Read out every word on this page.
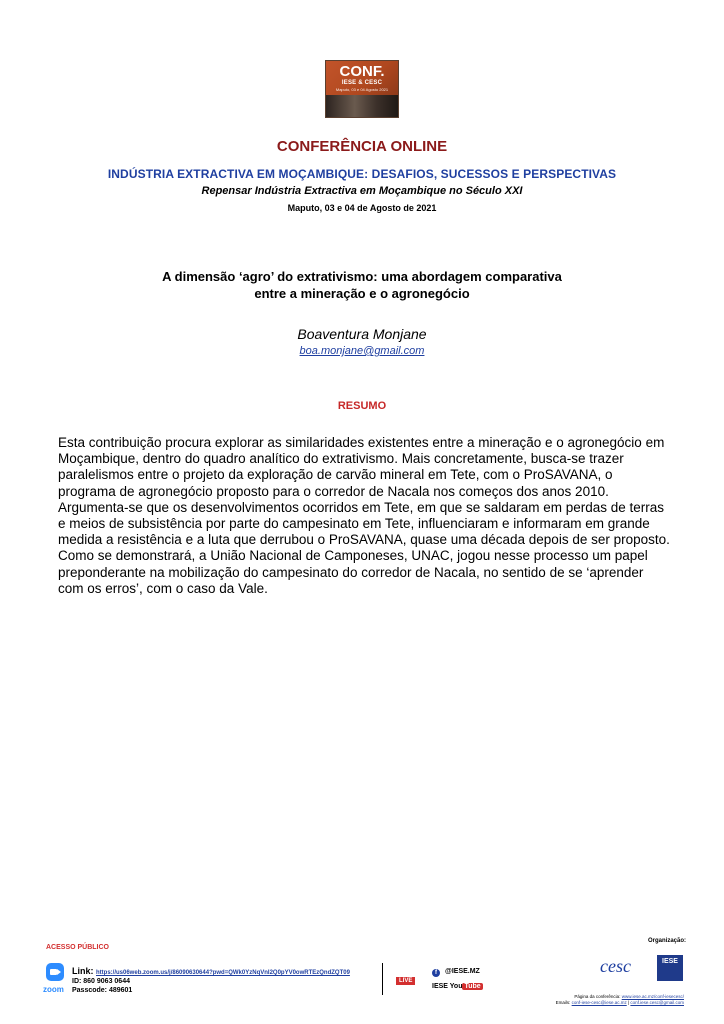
CONF.
IESE & CESC
Maputo, 03 e 04 Agosto 2021
CONFERÊNCIA ONLINE
INDÚSTRIA EXTRACTIVA EM MOÇAMBIQUE: DESAFIOS, SUCESSOS E PERSPECTIVAS
Repensar Indústria Extractiva em Moçambique no Século XXI
Maputo, 03 e 04 de Agosto de 2021
A dimensão ‘agro’ do extrativismo: uma abordagem comparativa
entre a mineração e o agronegócio
Boaventura Monjane
boa.monjane@gmail.com
RESUMO
Esta contribuição procura explorar as similaridades existentes entre a mineração e o agronegócio em Moçambique, dentro do quadro analítico do extrativismo. Mais concretamente, busca-se trazer paralelismos entre o projeto da exploração de carvão mineral em Tete, com o ProSAVANA, o programa de agronegócio proposto para o corredor de Nacala nos começos dos anos 2010. Argumenta-se que os desenvolvimentos ocorridos em Tete, em que se saldaram em perdas de terras e meios de subsistência por parte do campesinato em Tete, influenciaram e informaram em grande medida a resistência e a luta que derrubou o ProSAVANA, quase uma década depois de ser proposto. Como se demonstrará, a União Nacional de Camponeses, UNAC, jogou nesse processo um papel preponderante na mobilização do campesinato do corredor de Nacala, no sentido de se ‘aprender com os erros’, com o caso da Vale.
ACESSO PÚBLICO
zoom
Link: https://us06web.zoom.us/j/86090630644?pwd=QWk0YzNqVnI2Q0pYV0owRTEzQndZQT09
ID: 860 9063 0644
Passcode: 489601
LIVE
f	@IESE.MZ
IESE You Tube
Organização:
cesc	IESE
Página da conferência: www.iese.ac.mz/conf-iesecesc/
Emails: conf-iese-cesc@iese.ac.mz | conf.iese.cesc@gmail.com
